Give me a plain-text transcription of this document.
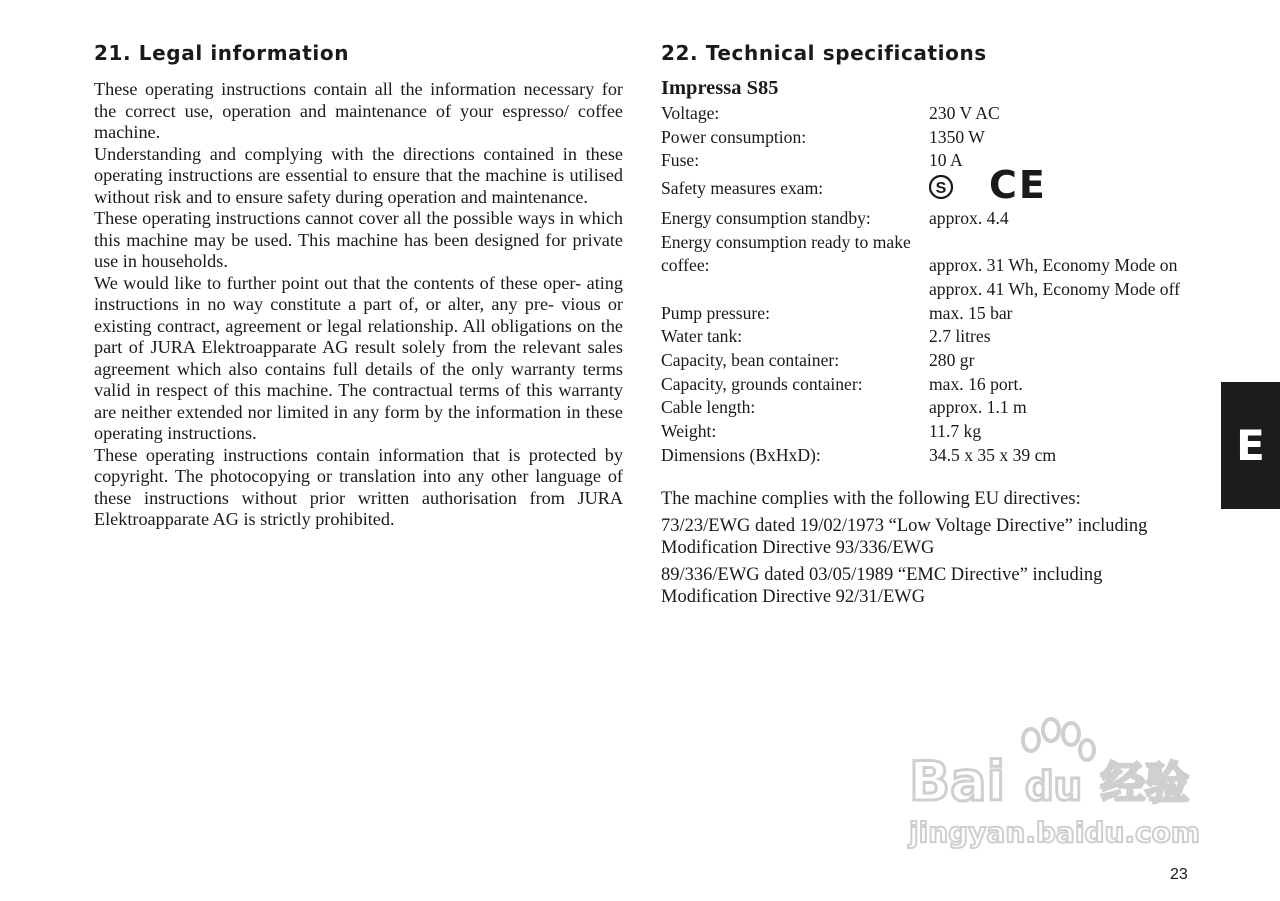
21. Legal information

These operating instructions contain all the information necessary for the correct use, operation and maintenance of your espresso/ coffee machine.

Understanding and complying with the directions contained in these operating instructions are essential to ensure that the machine is utilised without risk and to ensure safety during operation and maintenance.

These operating instructions cannot cover all the possible ways in which this machine may be used. This machine has been designed for private use in households.

We would like to further point out that the contents of these oper- ating instructions in no way constitute a part of, or alter, any pre- vious or existing contract, agreement or legal relationship. All obligations on the part of JURA Elektroapparate AG result solely from the relevant sales agreement which also contains full details of the only warranty terms valid in respect of this machine. The contractual terms of this warranty are neither extended nor limited in any form by the information in these operating instructions.

These operating instructions contain information that is protected by copyright. The photocopying or translation into any other language of these instructions without prior written authorisation from JURA Elektroapparate AG is strictly prohibited.

22. Technical specifications
Impressa S85
Voltage:	230 V AC
Power consumption:	1350 W
Fuse:	10 A
Safety measures exam:	S CE
Energy consumption standby:	approx. 4.4
Energy consumption ready to make
coffee:	approx. 31 Wh, Economy Mode on
approx. 41 Wh, Economy Mode off
Pump pressure:	max. 15 bar
Water tank:	2.7 litres
Capacity, bean container:	280 gr
Capacity, grounds container:	max. 16 port.
Cable length:	approx. 1.1 m
Weight:	11.7 kg
Dimensions (BxHxD):	34.5 x 35 x 39 cm

The machine complies with the following EU directives:

73/23/EWG dated 19/02/1973 “Low Voltage Directive” including Modification Directive 93/336/EWG

89/336/EWG dated 03/05/1989 “EMC Directive” including Modification Directive 92/31/EWG

E
23
Bai du 经验
jingyan.baidu.com
